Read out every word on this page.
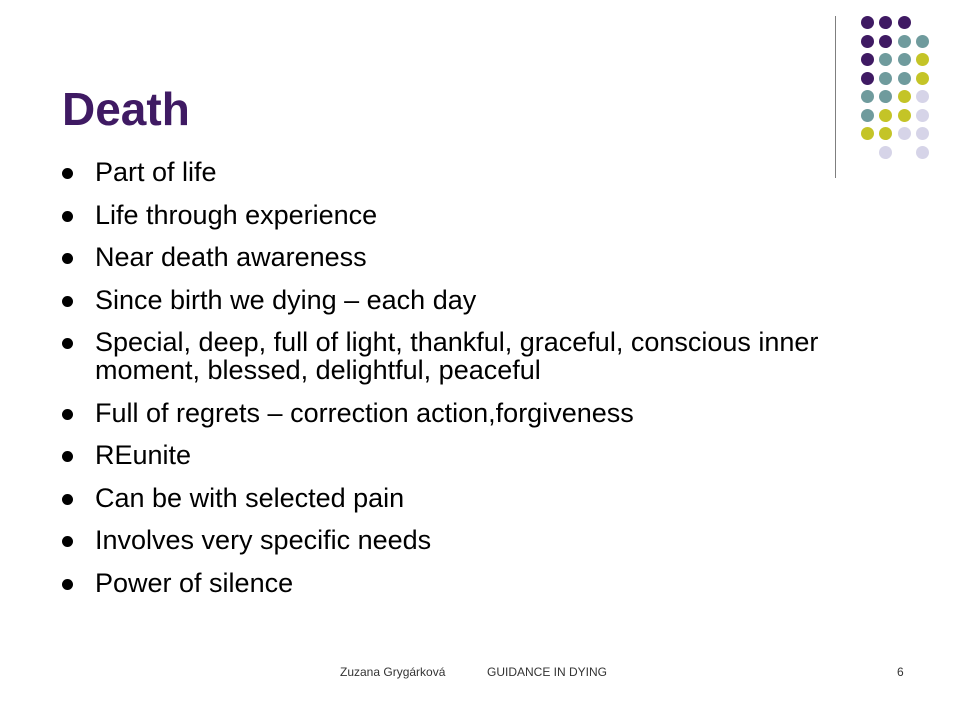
Death
Part of life
Life through experience
Near death awareness
Since birth we dying – each day
Special, deep, full of light, thankful, graceful, conscious inner moment, blessed, delightful, peaceful
Full of regrets – correction action,forgiveness
REunite
Can be with selected pain
Involves very specific needs
Power of silence
Zuzana Grygárková	GUIDANCE IN DYING	6
